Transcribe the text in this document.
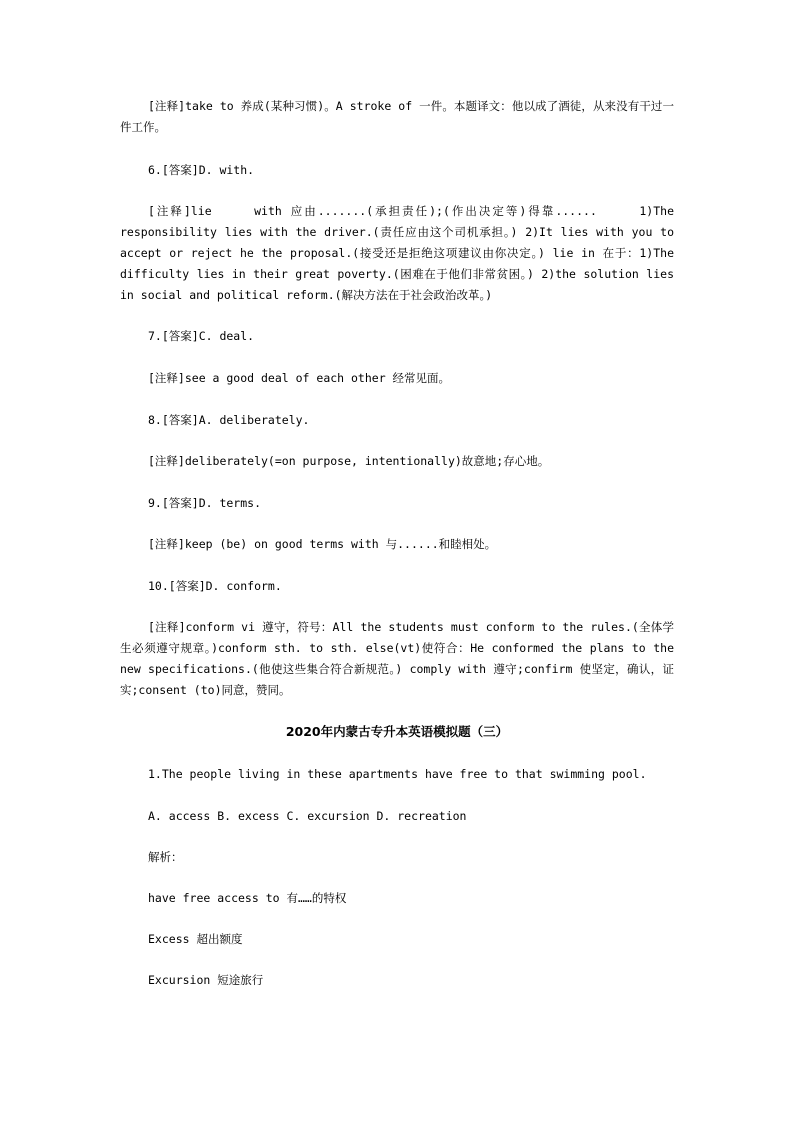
[注释]take to 养成(某种习惯)。A stroke of 一件。本题译文：他以成了酒徒，从来没有干过一件工作。

6.[答案]D. with.

[注释]lie　　　with 应由.......(承担责任);(作出决定等)得靠......　　　1)The responsibility lies with the driver.(责任应由这个司机承担。) 2)It lies with you to accept or reject he the proposal.(接受还是拒绝这项建议由你决定。) lie in 在于：1)The difficulty lies in their great poverty.(困难在于他们非常贫困。) 2)the solution lies in social and political reform.(解决方法在于社会政治改革。)

7.[答案]C. deal.

[注释]see a good deal of each other 经常见面。

8.[答案]A. deliberately.

[注释]deliberately(=on purpose, intentionally)故意地;存心地。

9.[答案]D. terms.

[注释]keep (be) on good terms with 与......和睦相处。

10.[答案]D. conform.

[注释]conform vi 遵守，符号：All the students must conform to the rules.(全体学生必须遵守规章。)conform sth. to sth. else(vt)使符合：He conformed the plans to the new specifications.(他使这些集合符合新规范。) comply with 遵守;confirm 使坚定，确认，证实;consent (to)同意，赞同。

2020年内蒙古专升本英语模拟题（三）

1.The people living in these apartments have free to that swimming pool.

A. access B. excess C. excursion D. recreation

解析：

have free access to 有……的特权

Excess 超出额度

Excursion 短途旅行
